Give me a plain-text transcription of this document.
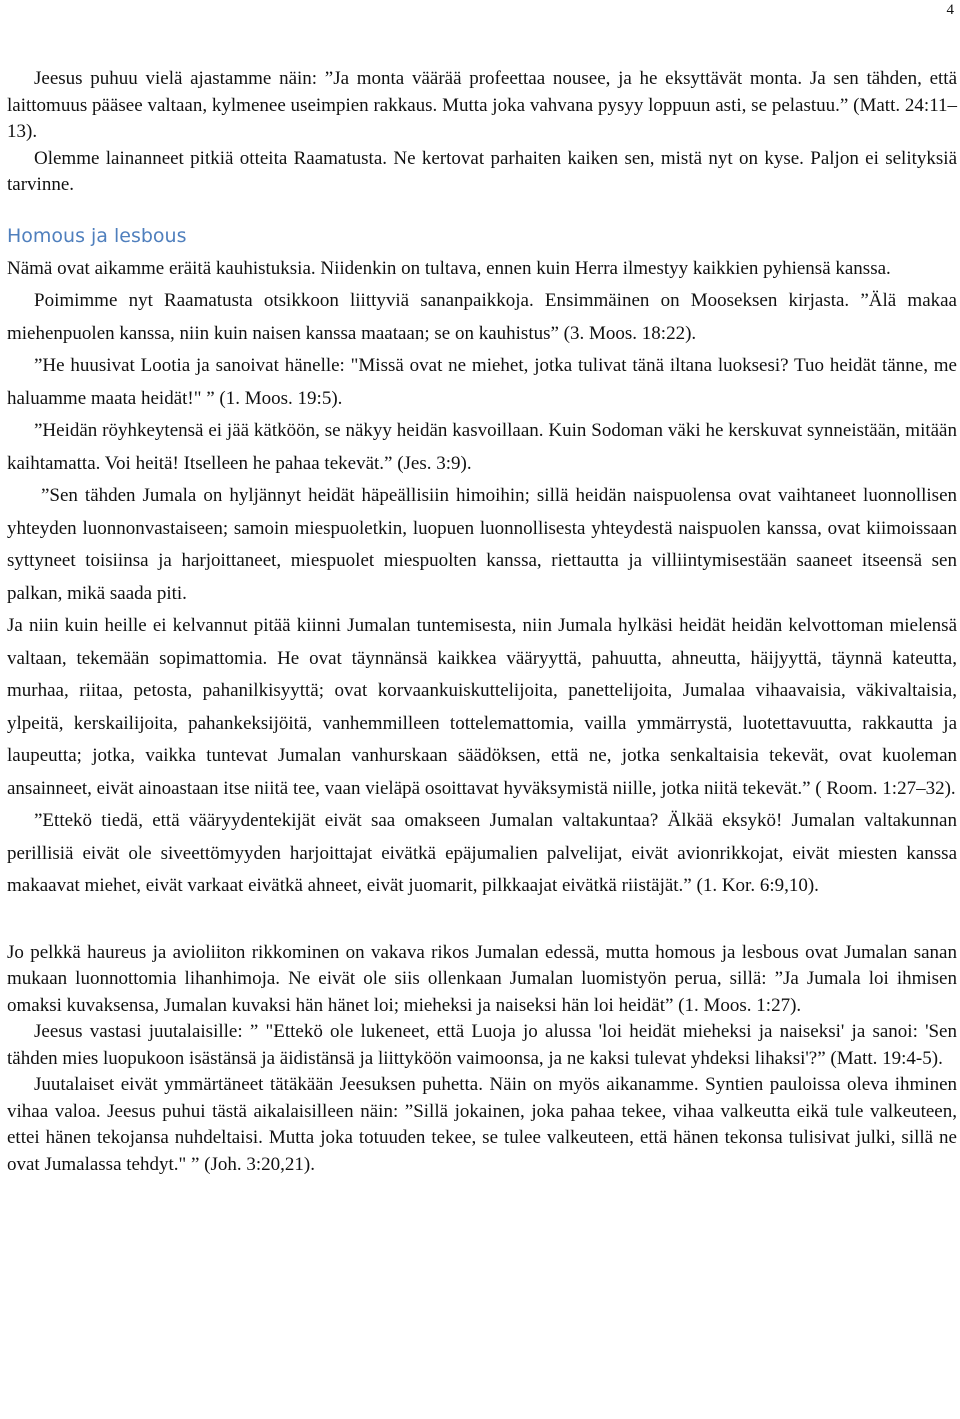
4

Jeesus puhuu vielä ajastamme näin: ”Ja monta väärää profeettaa nousee, ja he eksyttävät monta. Ja sen tähden, että laittomuus pääsee valtaan, kylmenee useimpien rakkaus. Mutta joka vahvana pysyy loppuun asti, se pelastuu.” (Matt. 24:11–13).

Olemme lainanneet pitkiä otteita Raamatusta. Ne kertovat parhaiten kaiken sen, mistä nyt on kyse. Paljon ei selityksiä tarvinne.

Homous ja lesbous

Nämä ovat aikamme eräitä kauhistuksia. Niidenkin on tultava, ennen kuin Herra ilmestyy kaikkien pyhiensä kanssa.

Poimimme nyt Raamatusta otsikkoon liittyviä sananpaikkoja. Ensimmäinen on Mooseksen kirjasta. ”Älä makaa miehenpuolen kanssa, niin kuin naisen kanssa maataan; se on kauhistus” (3. Moos. 18:22).

”He huusivat Lootia ja sanoivat hänelle: "Missä ovat ne miehet, jotka tulivat tänä iltana luoksesi? Tuo heidät tänne, me haluamme maata heidät!" ” (1. Moos. 19:5).

”Heidän röyhkeytensä ei jää kätköön, se näkyy heidän kasvoillaan. Kuin Sodoman väki he kerskuvat synneistään, mitään kaihtamatta. Voi heitä! Itselleen he pahaa tekevät.” (Jes. 3:9).

”Sen tähden Jumala on hyljännyt heidät häpeällisiin himoihin; sillä heidän naispuolensa ovat vaihtaneet luonnollisen yhteyden luonnonvastaiseen; samoin miespuoletkin, luopuen luonnollisesta yhteydestä naispuolen kanssa, ovat kiimoissaan syttyneet toisiinsa ja harjoittaneet, miespuolet miespuolten kanssa, riettautta ja villiintymisestään saaneet itseensä sen palkan, mikä saada piti.

Ja niin kuin heille ei kelvannut pitää kiinni Jumalan tuntemisesta, niin Jumala hylkäsi heidät heidän kelvottoman mielensä valtaan, tekemään sopimattomia. He ovat täynnänsä kaikkea vääryyttä, pahuutta, ahneutta, häijyyttä, täynnä kateutta, murhaa, riitaa, petosta, pahanilkisyyttä; ovat korvaankuiskuttelijoita, panettelijoita, Jumalaa vihaavaisia, väkivaltaisia, ylpeitä, kerskailijoita, pahankeksijöitä, vanhemmilleen tottelemattomia, vailla ymmärrystä, luotettavuutta, rakkautta ja laupeutta; jotka, vaikka tuntevat Jumalan vanhurskaan säädöksen, että ne, jotka senkaltaisia tekevät, ovat kuoleman ansainneet, eivät ainoastaan itse niitä tee, vaan vieläpä osoittavat hyväksymistä niille, jotka niitä tekevät.” ( Room. 1:27–32).

”Ettekö tiedä, että vääryydentekijät eivät saa omakseen Jumalan valtakuntaa? Älkää eksykö! Jumalan valtakunnan perillisiä eivät ole siveettömyyden harjoittajat eivätkä epäjumalien palvelijat, eivät avionrikkojat, eivät miesten kanssa makaavat miehet, eivät varkaat eivätkä ahneet, eivät juomarit, pilkkaajat eivätkä riistäjät.” (1. Kor. 6:9,10).

Jo pelkkä haureus ja avioliiton rikkominen on vakava rikos Jumalan edessä, mutta homous ja lesbous ovat Jumalan sanan mukaan luonnottomia lihanhimoja. Ne eivät ole siis ollenkaan Jumalan luomistyön perua, sillä: ”Ja Jumala loi ihmisen omaksi kuvaksensa, Jumalan kuvaksi hän hänet loi; mieheksi ja naiseksi hän loi heidät” (1. Moos. 1:27).

Jeesus vastasi juutalaisille: ” "Ettekö ole lukeneet, että Luoja jo alussa 'loi heidät mieheksi ja naiseksi' ja sanoi: 'Sen tähden mies luopukoon isästänsä ja äidistänsä ja liittyköön vaimoonsa, ja ne kaksi tulevat yhdeksi lihaksi'?” (Matt. 19:4-5).

Juutalaiset eivät ymmärtäneet tätäkään Jeesuksen puhetta. Näin on myös aikanamme. Syntien pauloissa oleva ihminen vihaa valoa. Jeesus puhui tästä aikalaisilleen näin: ”Sillä jokainen, joka pahaa tekee, vihaa valkeutta eikä tule valkeuteen, ettei hänen tekojansa nuhdeltaisi. Mutta joka totuuden tekee, se tulee valkeuteen, että hänen tekonsa tulisivat julki, sillä ne ovat Jumalassa tehdyt." ” (Joh. 3:20,21).
